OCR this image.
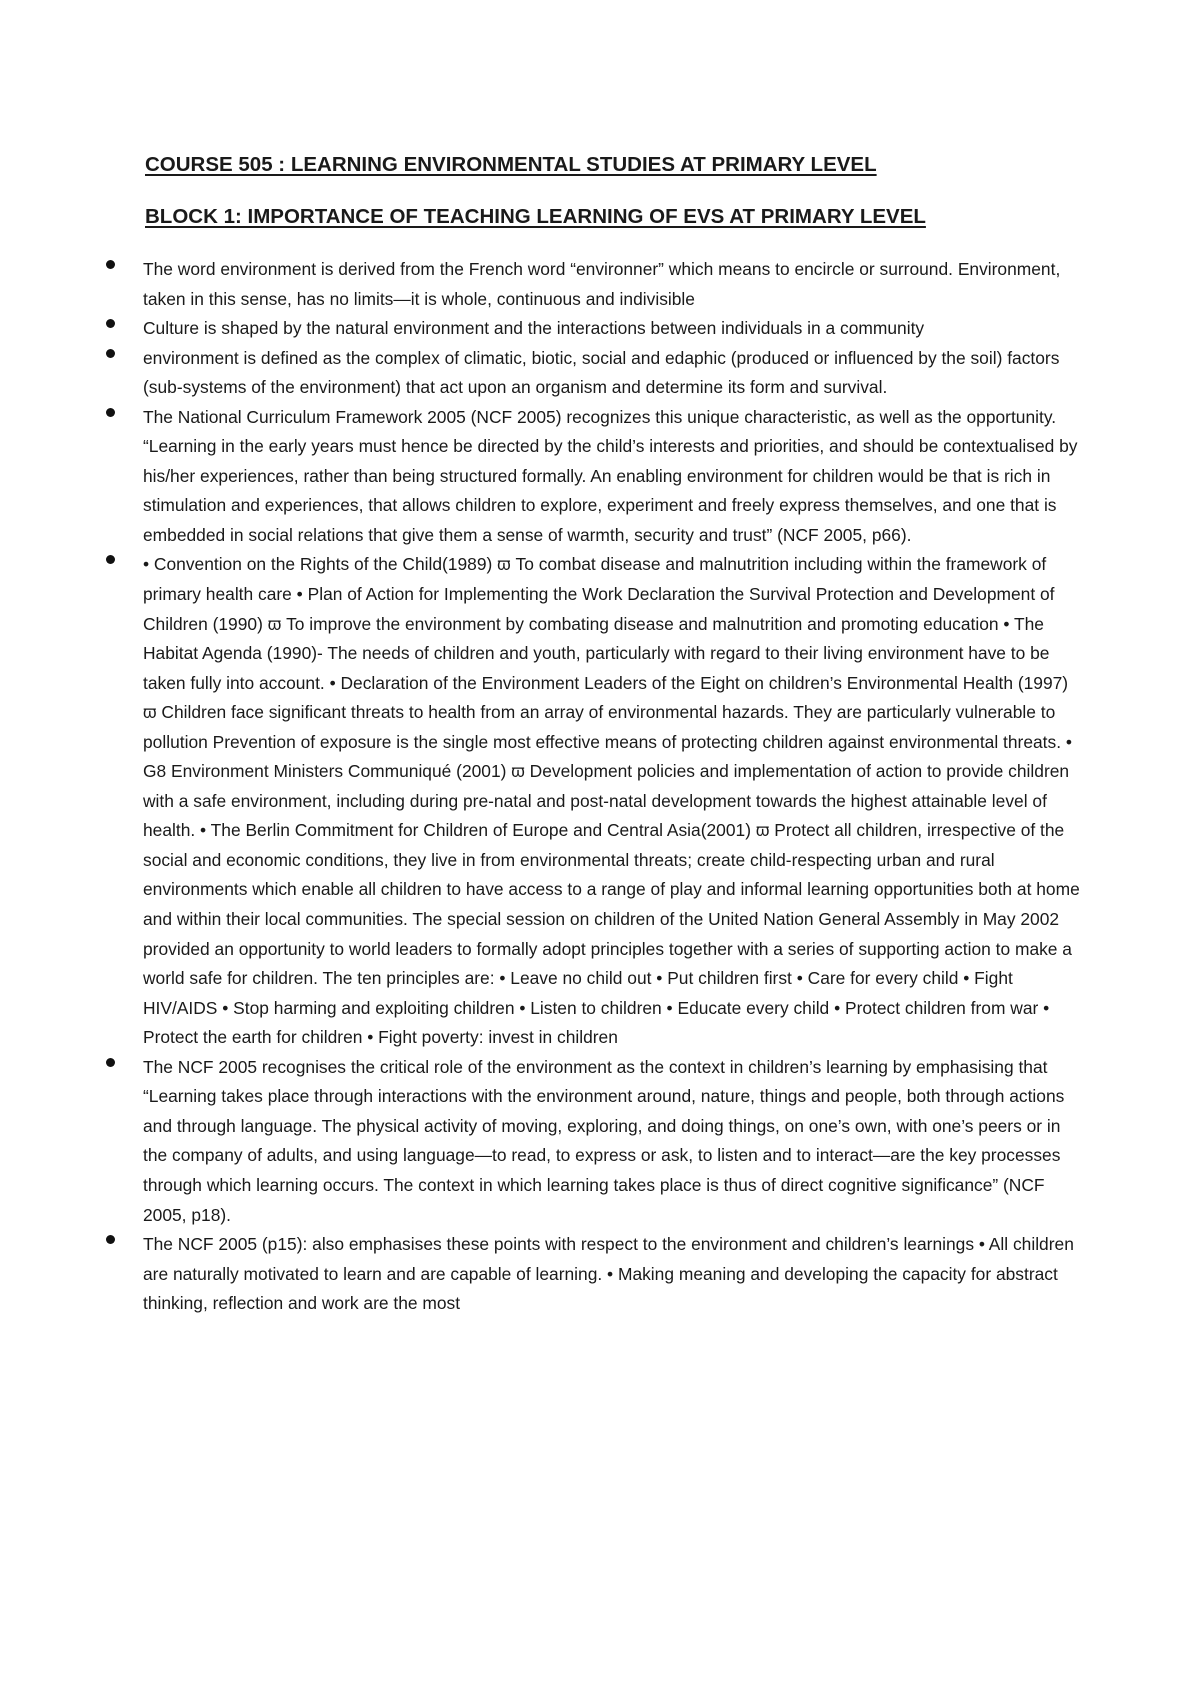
COURSE 505 : LEARNING ENVIRONMENTAL STUDIES AT PRIMARY LEVEL
BLOCK 1: IMPORTANCE OF TEACHING LEARNING OF EVS AT PRIMARY LEVEL
The word environment is derived from the French word “environner” which means to encircle or surround. Environment, taken in this sense, has no limits—it is whole, continuous and indivisible
Culture is shaped by the natural environment and the interactions between individuals in a community
environment is defined as the complex of climatic, biotic, social and edaphic (produced or influenced by the soil) factors (sub-systems of the environment) that act upon an organism and determine its form and survival.
The National Curriculum Framework 2005 (NCF 2005) recognizes this unique characteristic, as well as the opportunity. “Learning in the early years must hence be directed by the child’s interests and priorities, and should be contextualised by his/her experiences, rather than being structured formally. An enabling environment for children would be that is rich in stimulation and experiences, that allows children to explore, experiment and freely express themselves, and one that is embedded in social relations that give them a sense of warmth, security and trust” (NCF 2005, p66).
• Convention on the Rights of the Child(1989) ϖ To combat disease and malnutrition including within the framework of primary health care • Plan of Action for Implementing the Work Declaration the Survival Protection and Development of Children (1990) ϖ To improve the environment by combating disease and malnutrition and promoting education • The Habitat Agenda (1990)- The needs of children and youth, particularly with regard to their living environment have to be taken fully into account. • Declaration of the Environment Leaders of the Eight on children’s Environmental Health (1997) ϖ Children face significant threats to health from an array of environmental hazards. They are particularly vulnerable to pollution Prevention of exposure is the single most effective means of protecting children against environmental threats. • G8 Environment Ministers Communiqué (2001) ϖ Development policies and implementation of action to provide children with a safe environment, including during pre-natal and post-natal development towards the highest attainable level of health. • The Berlin Commitment for Children of Europe and Central Asia(2001) ϖ Protect all children, irrespective of the social and economic conditions, they live in from environmental threats; create child-respecting urban and rural environments which enable all children to have access to a range of play and informal learning opportunities both at home and within their local communities. The special session on children of the United Nation General Assembly in May 2002 provided an opportunity to world leaders to formally adopt principles together with a series of supporting action to make a world safe for children. The ten principles are: • Leave no child out • Put children first • Care for every child • Fight HIV/AIDS • Stop harming and exploiting children • Listen to children • Educate every child • Protect children from war • Protect the earth for children • Fight poverty: invest in children
The NCF 2005 recognises the critical role of the environment as the context in children’s learning by emphasising that “Learning takes place through interactions with the environment around, nature, things and people, both through actions and through language. The physical activity of moving, exploring, and doing things, on one’s own, with one’s peers or in the company of adults, and using language—to read, to express or ask, to listen and to interact—are the key processes through which learning occurs. The context in which learning takes place is thus of direct cognitive significance” (NCF 2005, p18).
The NCF 2005 (p15): also emphasises these points with respect to the environment and children’s learnings • All children are naturally motivated to learn and are capable of learning. • Making meaning and developing the capacity for abstract thinking, reflection and work are the most
